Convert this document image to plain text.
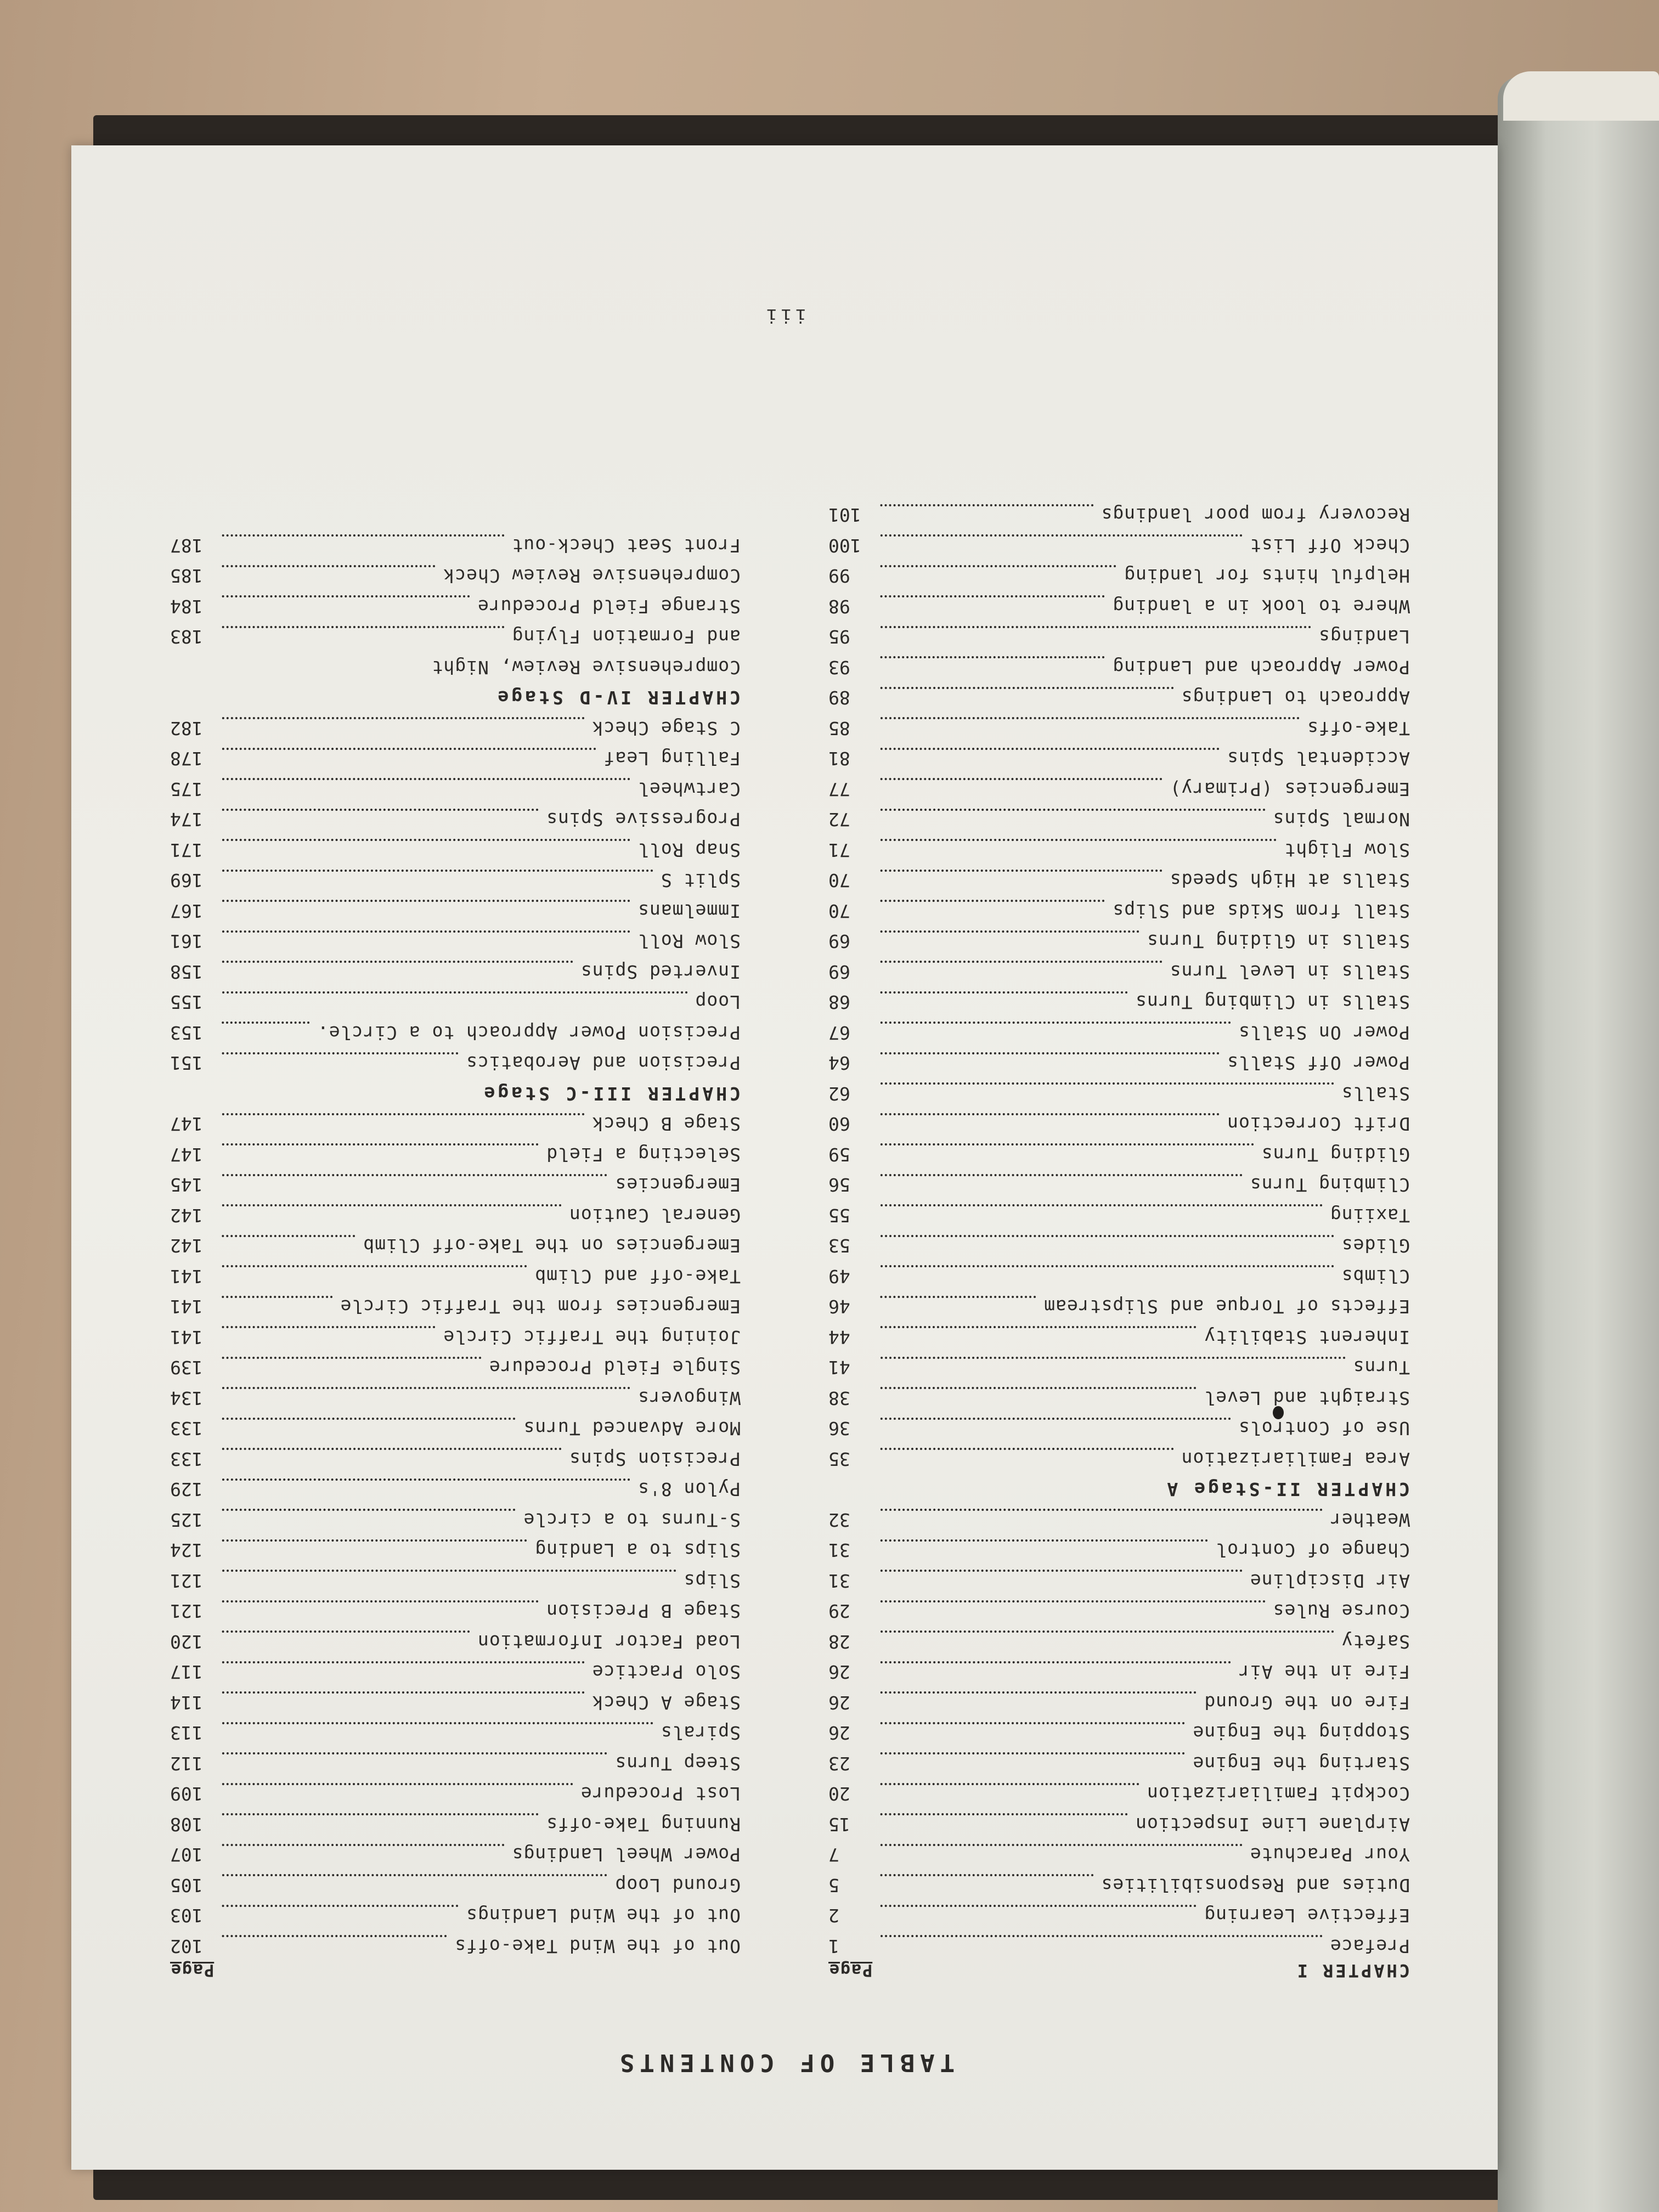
TABLE OF CONTENTS
CHAPTER I
Page
Preface
1
Effective Learning
2
Duties and Responsibilities
5
Your Parachute
7
Airplane Line Inspection
15
Cockpit Familiarization
20
Starting the Engine
23
Stopping the Engine
26
Fire on the Ground
26
Fire in the Air
26
Safety
28
Course Rules
29
Air Discipline
31
Change of Control
31
Weather
32
CHAPTER II-Stage A
Area Familiarization
35
Use of Controls
36
Straight and Level
38
Turns
41
Inherent Stability
44
Effects of Torque and Slipstream
46
Climbs
49
Glides
53
Taxiing
55
Climbing Turns
56
Gliding Turns
59
Drift Correction
60
Stalls
62
Power Off Stalls
64
Power On Stalls
67
Stalls in Climbing Turns
68
Stalls in Level Turns
69
Stalls in Gliding Turns
69
Stall from Skids and Slips
70
Stalls at High Speeds
70
Slow Flight
71
Normal Spins
72
Emergencies (Primary)
77
Accidental Spins
81
Take-offs
85
Approach to Landings
89
Power Approach and Landing
93
Landings
95
Where to look in a landing
98
Helpful hints for landing
99
Check Off List
100
Recovery from poor landings
101
Page
Out of the Wind Take-offs
102
Out of the Wind Landings
103
Ground Loop
105
Power Wheel Landings
107
Running Take-offs
108
Lost Procedure
109
Steep Turns
112
Spirals
113
Stage A Check
114
Solo Practice
117
Load Factor Information
120
Stage B Precision
121
Slips
121
Slips to a Landing
124
S-Turns to a circle
125
Pylon 8's
129
Precision Spins
133
More Advanced Turns
133
Wingovers
134
Single Field Procedure
139
Joining the Traffic Circle
141
Emergencies from the Traffic Circle
141
Take-off and Climb
141
Emergencies on the Take-off Climb
142
General Caution
142
Emergencies
145
Selecting a Field
147
Stage B Check
147
CHAPTER III-C Stage
Precision and Aerobatics
151
Precision Power Approach to a Circle.
153
Loop
155
Inverted Spins
158
Slow Roll
161
Immelmans
167
Split S
169
Snap Roll
171
Progressive Spins
174
Cartwheel
175
Falling Leaf
178
C Stage Check
182
CHAPTER IV-D Stage
Comprehensive Review, Night
and Formation Flying
183
Strange Field Procedure
184
Comprehensive Review Check
185
Front Seat Check-out
187
iii
